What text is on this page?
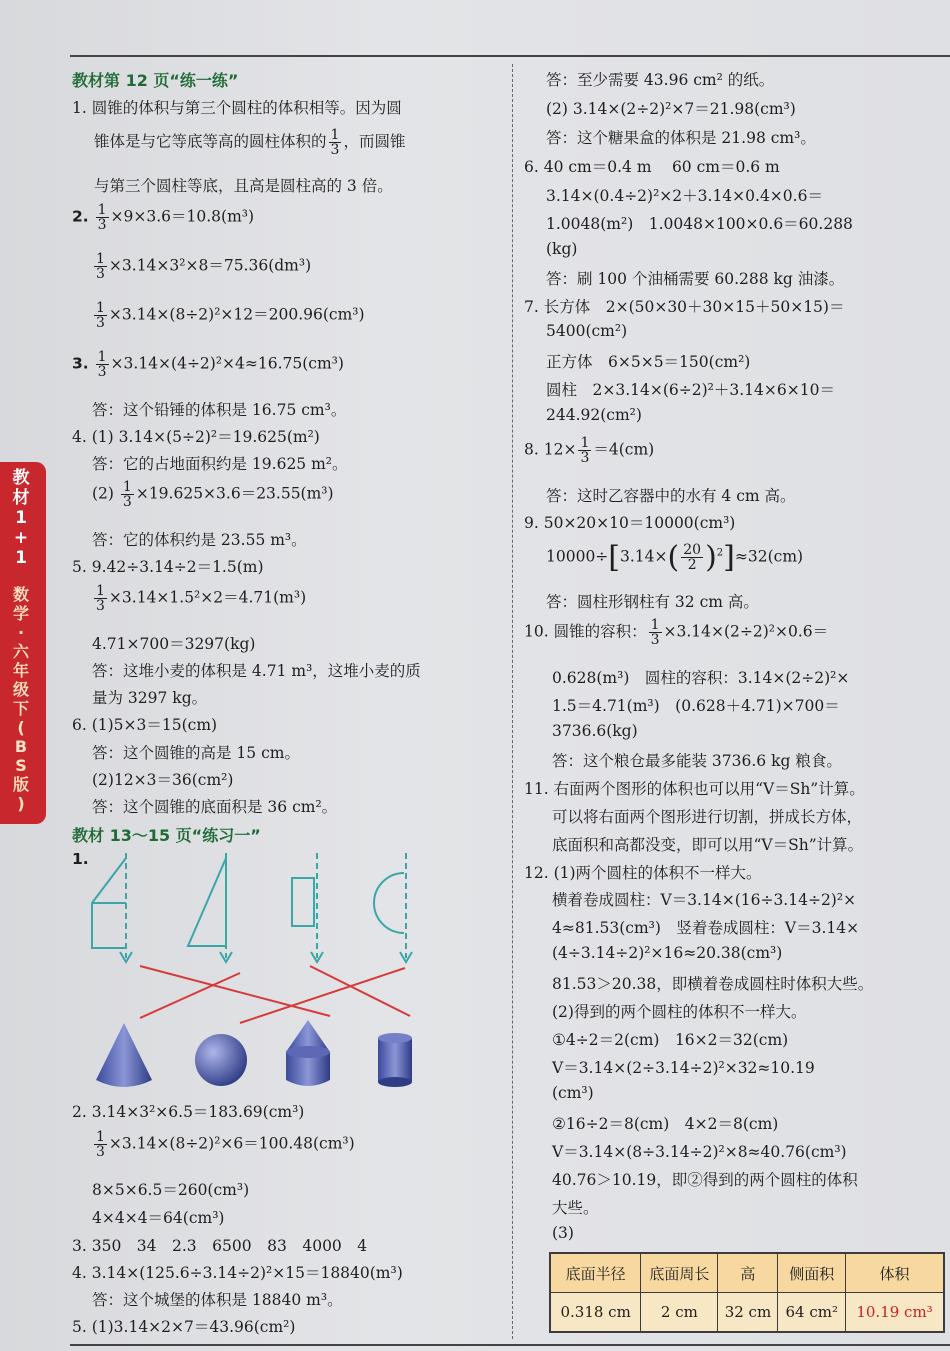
教
材
1
+
1
数
学
·
六
年
级
下
(
B
S
版
)
教材第 12 页“练一练”
1. 圆锥的体积与第三个圆柱的体积相等。因为圆
锥体是与它等底等高的圆柱体积的 $\frac{1}{3}$ ，而圆锥
与第三个圆柱等底，且高是圆柱高的 3 倍。
2. $\frac{1}{3} \times 9\times 3.6=10.8(m^3)$
$\frac{1}{3} \times 3.14\times 3^2\times 8=75.36(dm^3)$
$\frac{1}{3} \times 3.14\times(8\div 2)^2\times 12=200.96(cm^3)$
3. $\frac{1}{3} \times 3.14\times(4\div 2)^2\times 4\approx 16.75(cm^3)$
答：这个铅锤的体积是 16.75 cm³。
4. (1) 3.14×(5÷2)²＝19.625(m²)
答：它的占地面积约是 19.625 m²。
$(2) \frac{1}{3} \times 19.625\times 3.6=23.55(m^3)$
答：它的体积约是 23.55 m³。
5. 9.42÷3.14÷2＝1.5(m)
$\frac{1}{3} \times 3.14\times 1.5^2\times 2=4.71(m^3)$
4.71×700＝3297(kg)
答：这堆小麦的体积是 4.71 m³，这堆小麦的质
量为 3297 kg。
6. (1)5×3＝15(cm)
答：这个圆锥的高是 15 cm。
(2)12×3＝36(cm²)
答：这个圆锥的底面积是 36 cm²。
教材 13～15 页“练习一”
1.
2. 3.14×3²×6.5＝183.69(cm³)
$\frac{1}{3} \times 3.14\times(8\div 2)^2\times 6=100.48(cm^3)$
8×5×6.5＝260(cm³)
4×4×4＝64(cm³)
3. 350　34　2.3　6500　83　4000　4
4. 3.14×(125.6÷3.14÷2)²×15＝18840(m³)
答：这个城堡的体积是 18840 m³。
5. (1)3.14×2×7＝43.96(cm²)
答：至少需要 43.96 cm² 的纸。
(2) 3.14×(2÷2)²×7＝21.98(cm³)
答：这个糖果盒的体积是 21.98 cm³。
6. 40 cm＝0.4 m　 60 cm＝0.6 m
3.14×(0.4÷2)²×2＋3.14×0.4×0.6＝
1.0048(m²)　1.0048×100×0.6＝60.288
(kg)
答：刷 100 个油桶需要 60.288 kg 油漆。
7. 长方体　2×(50×30＋30×15＋50×15)＝
5400(cm²)
正方体　6×5×5＝150(cm²)
圆柱　2×3.14×(6÷2)²＋3.14×6×10＝
244.92(cm²)
8. $12\times \frac{1}{3} =4(cm)$
答：这时乙容器中的水有 4 cm 高。
9. 50×20×10＝10000(cm³)
$10000\div[3.14\times( \frac{20}{2} )^2]\approx 32(cm)$
答：圆柱形钢柱有 32 cm 高。
10. 圆锥的容积： $\frac{1}{3} \times 3.14\times(2\div 2)^2\times 0.6=$
0.628(m³)　圆柱的容积：3.14×(2÷2)²×
1.5＝4.71(m³)　(0.628＋4.71)×700＝
3736.6(kg)
答：这个粮仓最多能装 3736.6 kg 粮食。
11. 右面两个图形的体积也可以用“V＝Sh”计算。
可以将右面两个图形进行切割，拼成长方体，
底面积和高都没变，即可以用“V＝Sh”计算。
12. (1)两个圆柱的体积不一样大。
横着卷成圆柱：V＝3.14×(16÷3.14÷2)²×
4≈81.53(cm³)　竖着卷成圆柱：V＝3.14×
(4÷3.14÷2)²×16≈20.38(cm³)
81.53＞20.38，即横着卷成圆柱时体积大些。
(2)得到的两个圆柱的体积不一样大。
①4÷2＝2(cm)　16×2＝32(cm)
V＝3.14×(2÷3.14÷2)²×32≈10.19
(cm³)
②16÷2＝8(cm)　4×2＝8(cm)
V＝3.14×(8÷3.14÷2)²×8≈40.76(cm³)
40.76＞10.19，即②得到的两个圆柱的体积
大些。
(3)
底面半径	底面周长	高	侧面积	体积
0.318 cm	2 cm	32 cm	64 cm²	10.19 cm³
